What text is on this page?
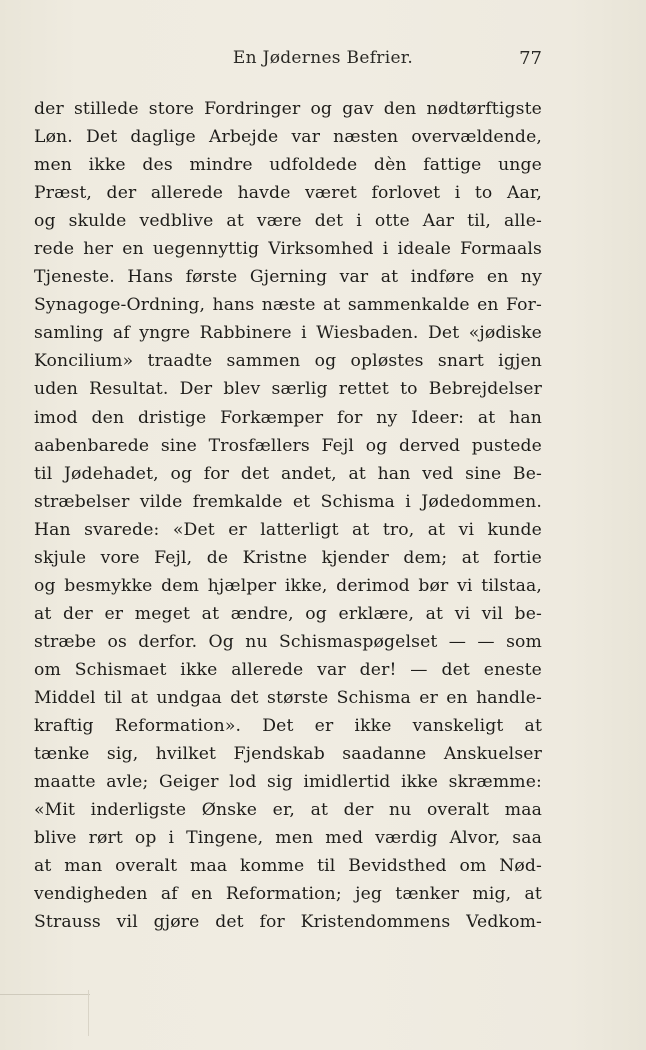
En Jødernes Befrier.	77
der stillede store Fordringer og gav den nødtørftigste
Løn. Det daglige Arbejde var næsten overvældende,
men ikke des mindre udfoldede dèn fattige unge
Præst, der allerede havde været forlovet i to Aar,
og skulde vedblive at være det i otte Aar til, alle-
rede her en uegennyttig Virksomhed i ideale Formaals
Tjeneste. Hans første Gjerning var at indføre en ny
Synagoge-Ordning, hans næste at sammenkalde en For-
samling af yngre Rabbinere i Wiesbaden. Det «jødiske
Koncilium» traadte sammen og opløstes snart igjen
uden Resultat. Der blev særlig rettet to Bebrejdelser
imod den dristige Forkæmper for ny Ideer: at han
aabenbarede sine Trosfællers Fejl og derved pustede
til Jødehadet, og for det andet, at han ved sine Be-
stræbelser vilde fremkalde et Schisma i Jødedommen.
Han svarede: «Det er latterligt at tro, at vi kunde
skjule vore Fejl, de Kristne kjender dem; at fortie
og besmykke dem hjælper ikke, derimod bør vi tilstaa,
at der er meget at ændre, og erklære, at vi vil be-
stræbe os derfor. Og nu Schismaspøgelset — — som
om Schismaet ikke allerede var der! — det eneste
Middel til at undgaa det største Schisma er en handle-
kraftig Reformation». Det er ikke vanskeligt at
tænke sig, hvilket Fjendskab saadanne Anskuelser
maatte avle; Geiger lod sig imidlertid ikke skræmme:
«Mit inderligste Ønske er, at der nu overalt maa
blive rørt op i Tingene, men med værdig Alvor, saa
at man overalt maa komme til Bevidsthed om Nød-
vendigheden af en Reformation; jeg tænker mig, at
Strauss vil gjøre det for Kristendommens Vedkom-
